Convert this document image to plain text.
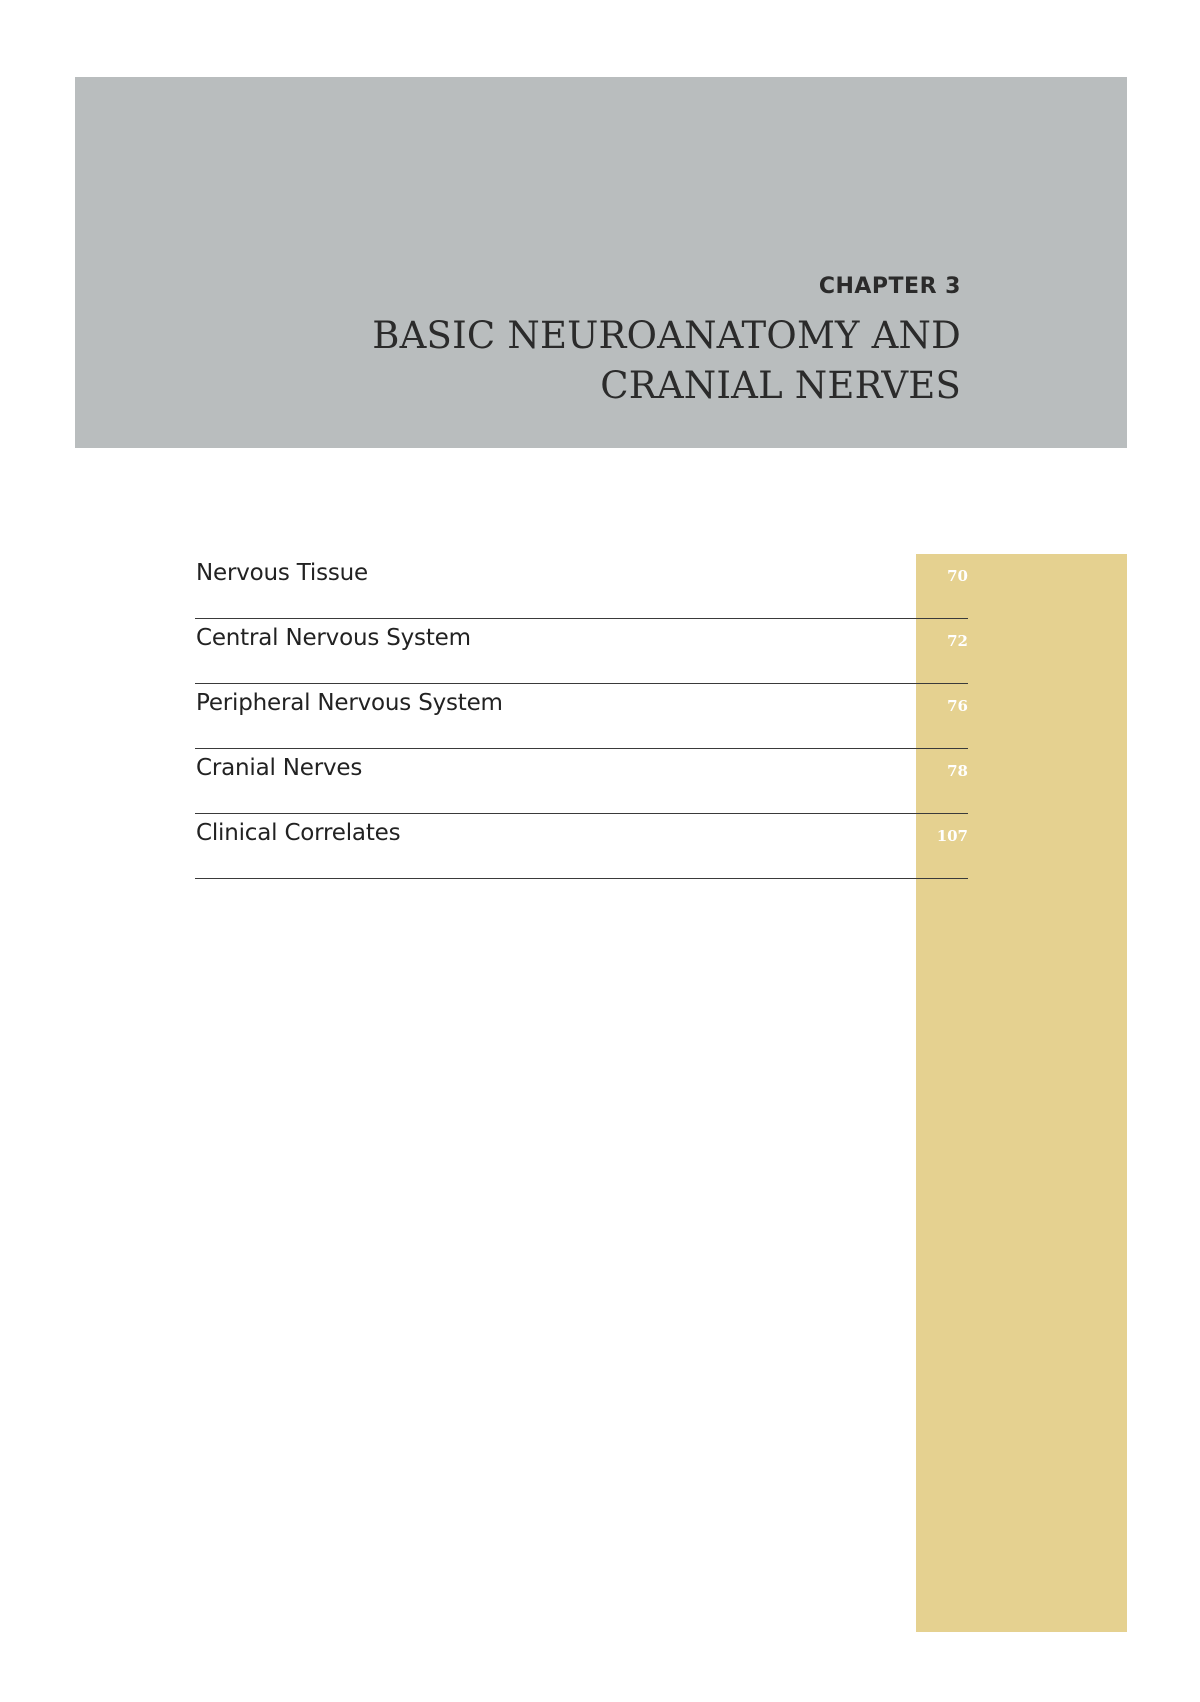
CHAPTER 3
BASIC NEUROANATOMY AND
CRANIAL NERVES
Nervous Tissue	70
Central Nervous System	72
Peripheral Nervous System	76
Cranial Nerves	78
Clinical Correlates	107
